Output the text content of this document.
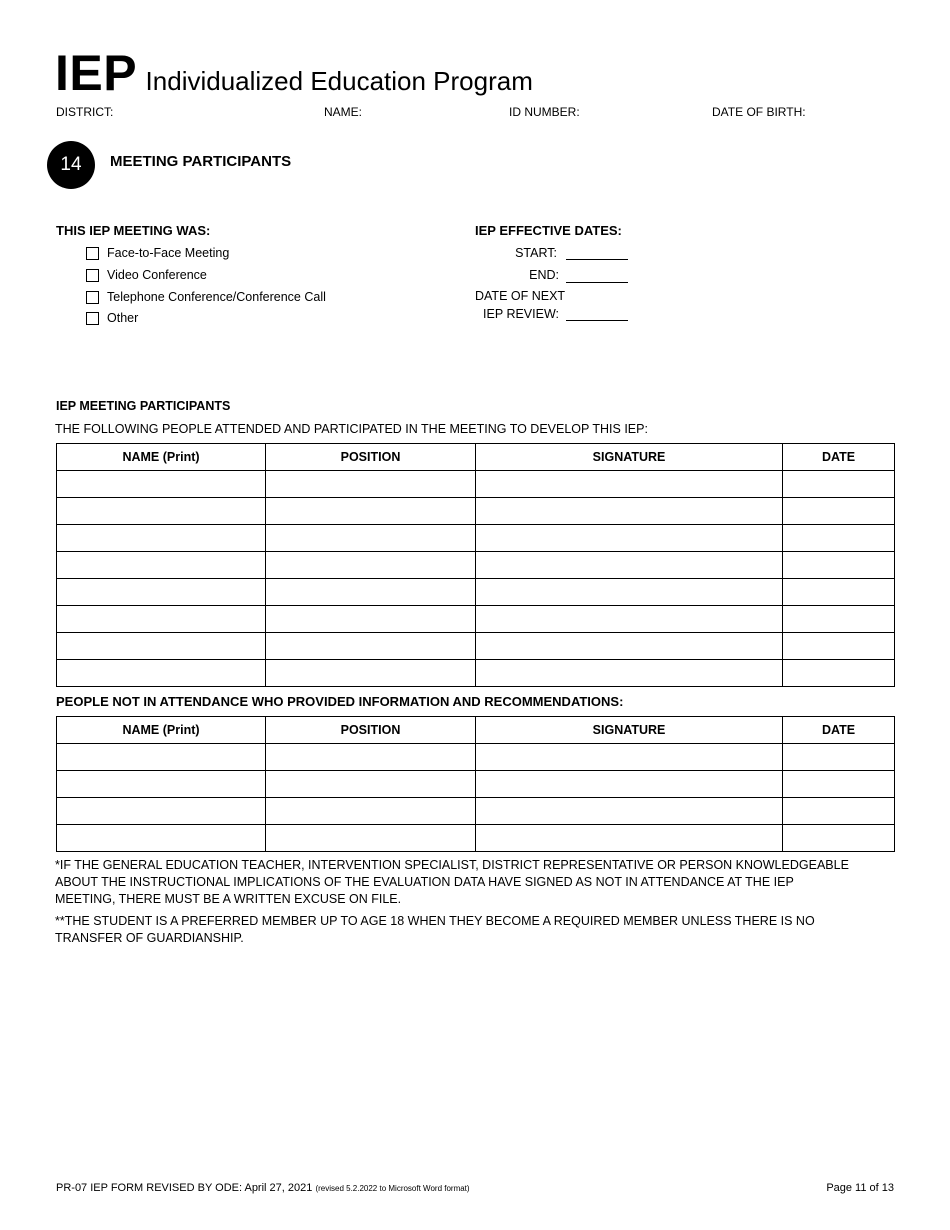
IEP Individualized Education Program
DISTRICT:	NAME:	ID NUMBER:	DATE OF BIRTH:
14	MEETING PARTICIPANTS
THIS IEP MEETING WAS:
Face-to-Face Meeting
Video Conference
Telephone Conference/Conference Call
Other
IEP EFFECTIVE DATES:
START:
END:
DATE OF NEXT
IEP REVIEW:
IEP MEETING PARTICIPANTS
THE FOLLOWING PEOPLE ATTENDED AND PARTICIPATED IN THE MEETING TO DEVELOP THIS IEP:
NAME (Print)	POSITION	SIGNATURE	DATE

PEOPLE NOT IN ATTENDANCE WHO PROVIDED INFORMATION AND RECOMMENDATIONS:
NAME (Print)	POSITION	SIGNATURE	DATE

*IF THE GENERAL EDUCATION TEACHER, INTERVENTION SPECIALIST, DISTRICT REPRESENTATIVE OR PERSON KNOWLEDGEABLE ABOUT THE INSTRUCTIONAL IMPLICATIONS OF THE EVALUATION DATA HAVE SIGNED AS NOT IN ATTENDANCE AT THE IEP MEETING, THERE MUST BE A WRITTEN EXCUSE ON FILE.
**THE STUDENT IS A PREFERRED MEMBER UP TO AGE 18 WHEN THEY BECOME A REQUIRED MEMBER UNLESS THERE IS NO TRANSFER OF GUARDIANSHIP.
PR-07 IEP FORM REVISED BY ODE: April 27, 2021 (revised 5.2.2022 to Microsoft Word format)	Page 11 of 13
